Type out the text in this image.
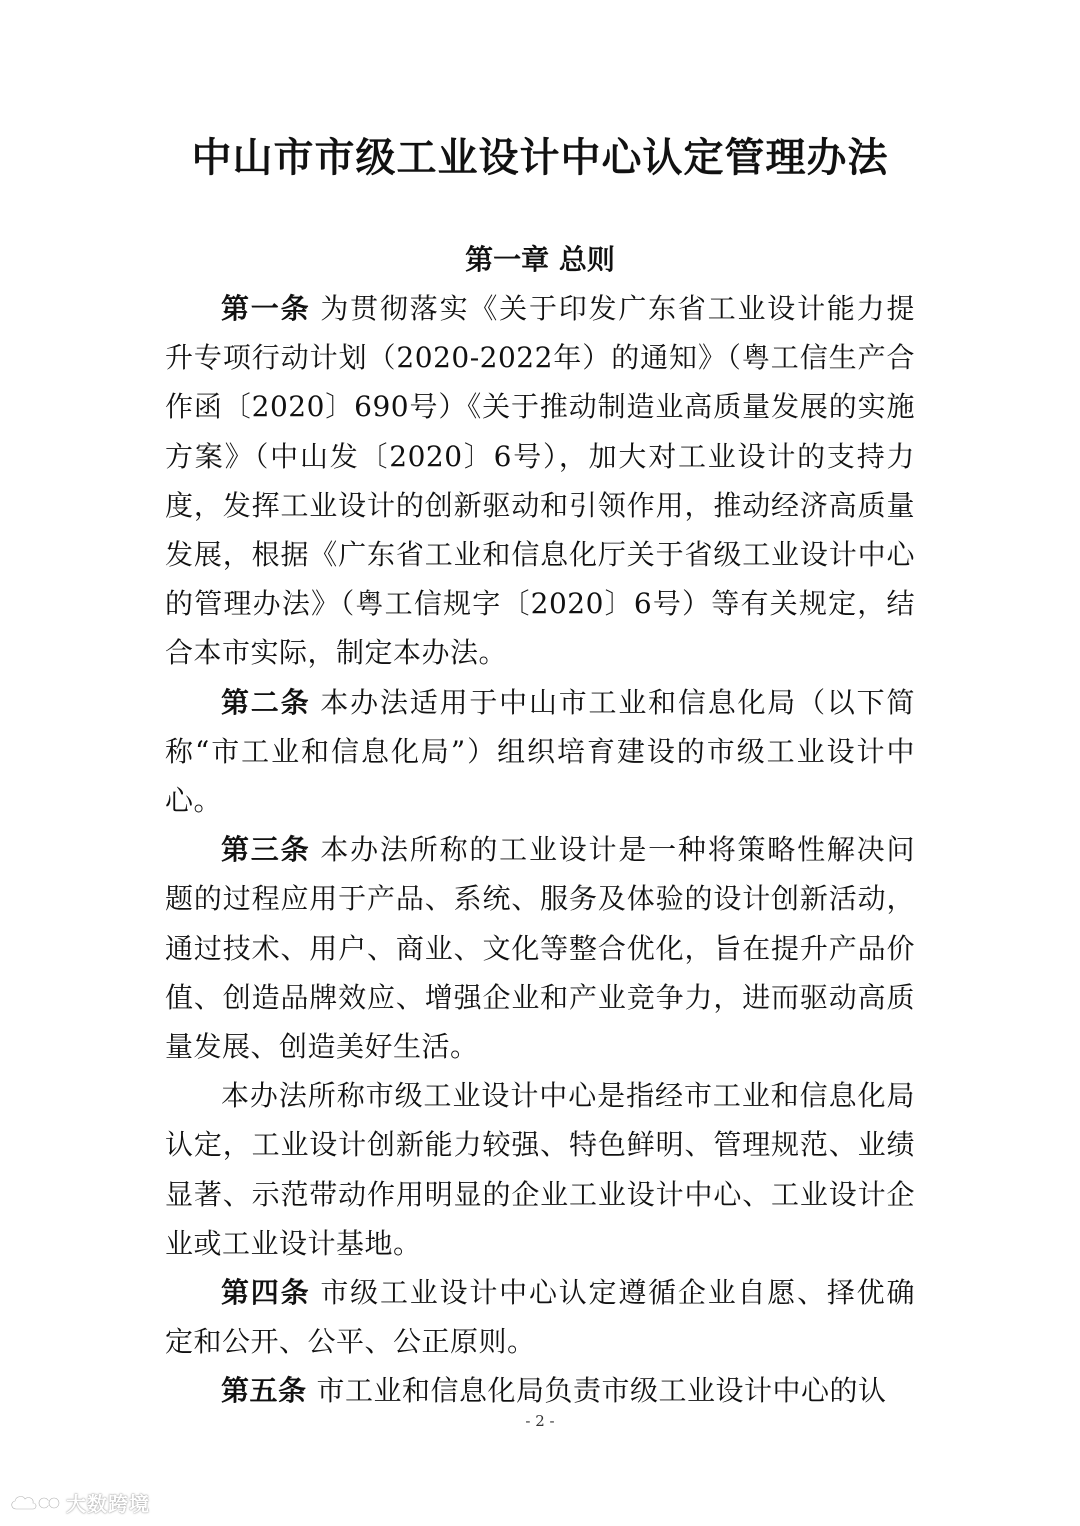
中山市市级工业设计中心认定管理办法
第一章 总则

第一条 为贯彻落实《关于印发广东省工业设计能力提升专项行动计划（2020-2022年）的通知》（粤工信生产合作函〔2020〕690号）《关于推动制造业高质量发展的实施方案》（中山发〔2020〕6号），加大对工业设计的支持力度，发挥工业设计的创新驱动和引领作用，推动经济高质量发展，根据《广东省工业和信息化厅关于省级工业设计中心的管理办法》（粤工信规字〔2020〕6号）等有关规定，结合本市实际，制定本办法。

第二条 本办法适用于中山市工业和信息化局（以下简称“市工业和信息化局”）组织培育建设的市级工业设计中心。

第三条 本办法所称的工业设计是一种将策略性解决问题的过程应用于产品、系统、服务及体验的设计创新活动，通过技术、用户、商业、文化等整合优化，旨在提升产品价值、创造品牌效应、增强企业和产业竞争力，进而驱动高质量发展、创造美好生活。

本办法所称市级工业设计中心是指经市工业和信息化局认定，工业设计创新能力较强、特色鲜明、管理规范、业绩显著、示范带动作用明显的企业工业设计中心、工业设计企业或工业设计基地。

第四条 市级工业设计中心认定遵循企业自愿、择优确定和公开、公平、公正原则。

第五条 市工业和信息化局负责市级工业设计中心的认

- 2 -
大数跨境
